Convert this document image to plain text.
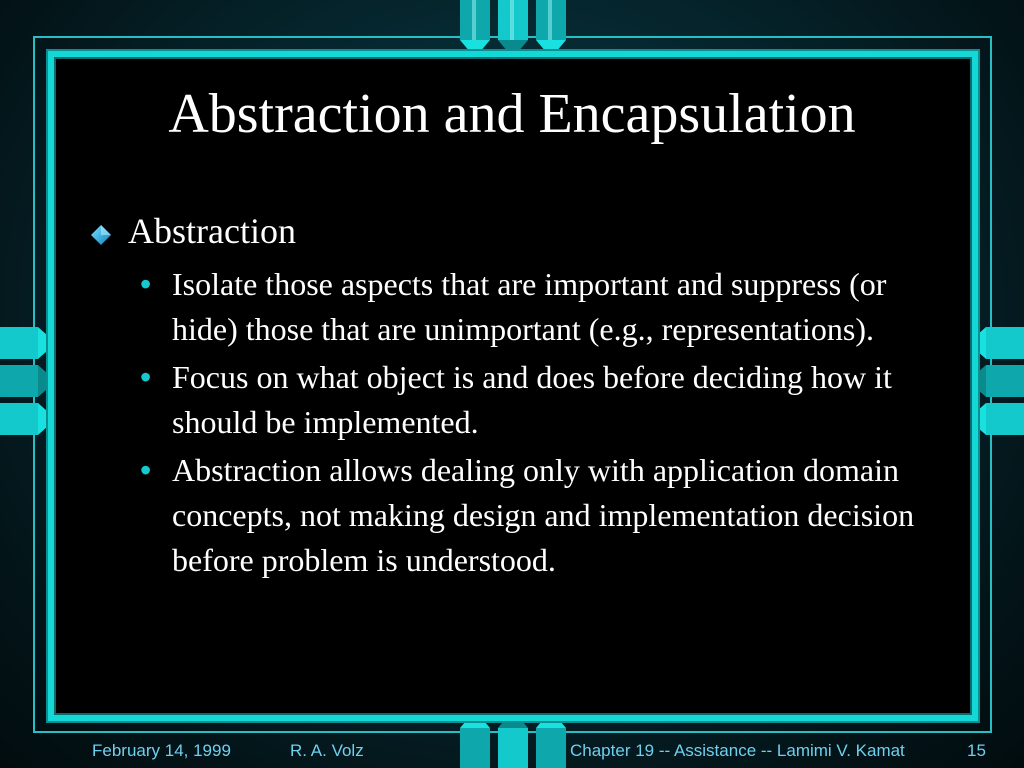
Abstraction and Encapsulation
Abstraction
• Isolate those aspects that are important and suppress (or hide) those that are unimportant (e.g., representations).
• Focus on what object is and does before deciding how it should be implemented.
• Abstraction allows dealing only with application domain concepts, not making design and implementation decision before problem is understood.
February 14, 1999	R. A. Volz	Chapter 19 -- Assistance -- Lamimi V. Kamat	15
